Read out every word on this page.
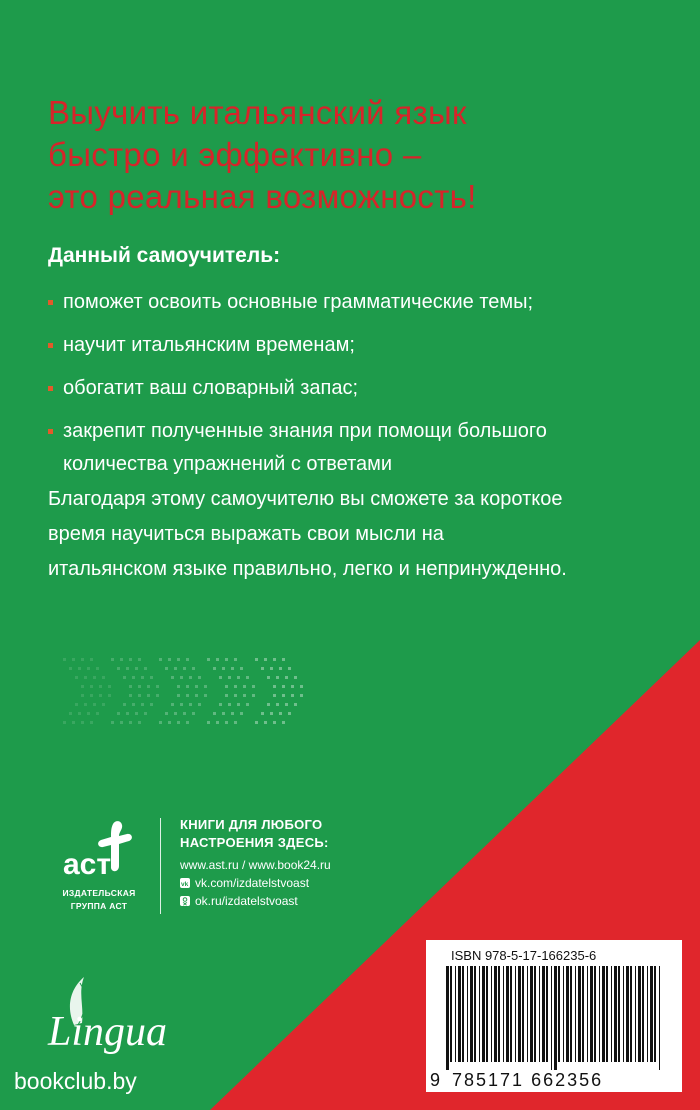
Выучить итальянский язык
быстро и эффективно –
это реальная возможность!

Данный самоучитель:

поможет освоить основные грамматические темы;
научит итальянским временам;
обогатит ваш словарный запас;
закрепит полученные знания при помощи большого количества упражнений с ответами

Благодаря этому самоучителю вы сможете за короткое время научиться выражать свои мысли на итальянском языке правильно, легко и непринужденно.

аст
ИЗДАТЕЛЬСКАЯ
ГРУППА АСТ
КНИГИ ДЛЯ ЛЮБОГО
НАСТРОЕНИЯ ЗДЕСЬ:
www.ast.ru / www.book24.ru
vk vk.com/izdatelstvoast
ok.ru/izdatelstvoast
Lingua
bookclub.by
ISBN 978-5-17-166235-6
9 785171 662356
